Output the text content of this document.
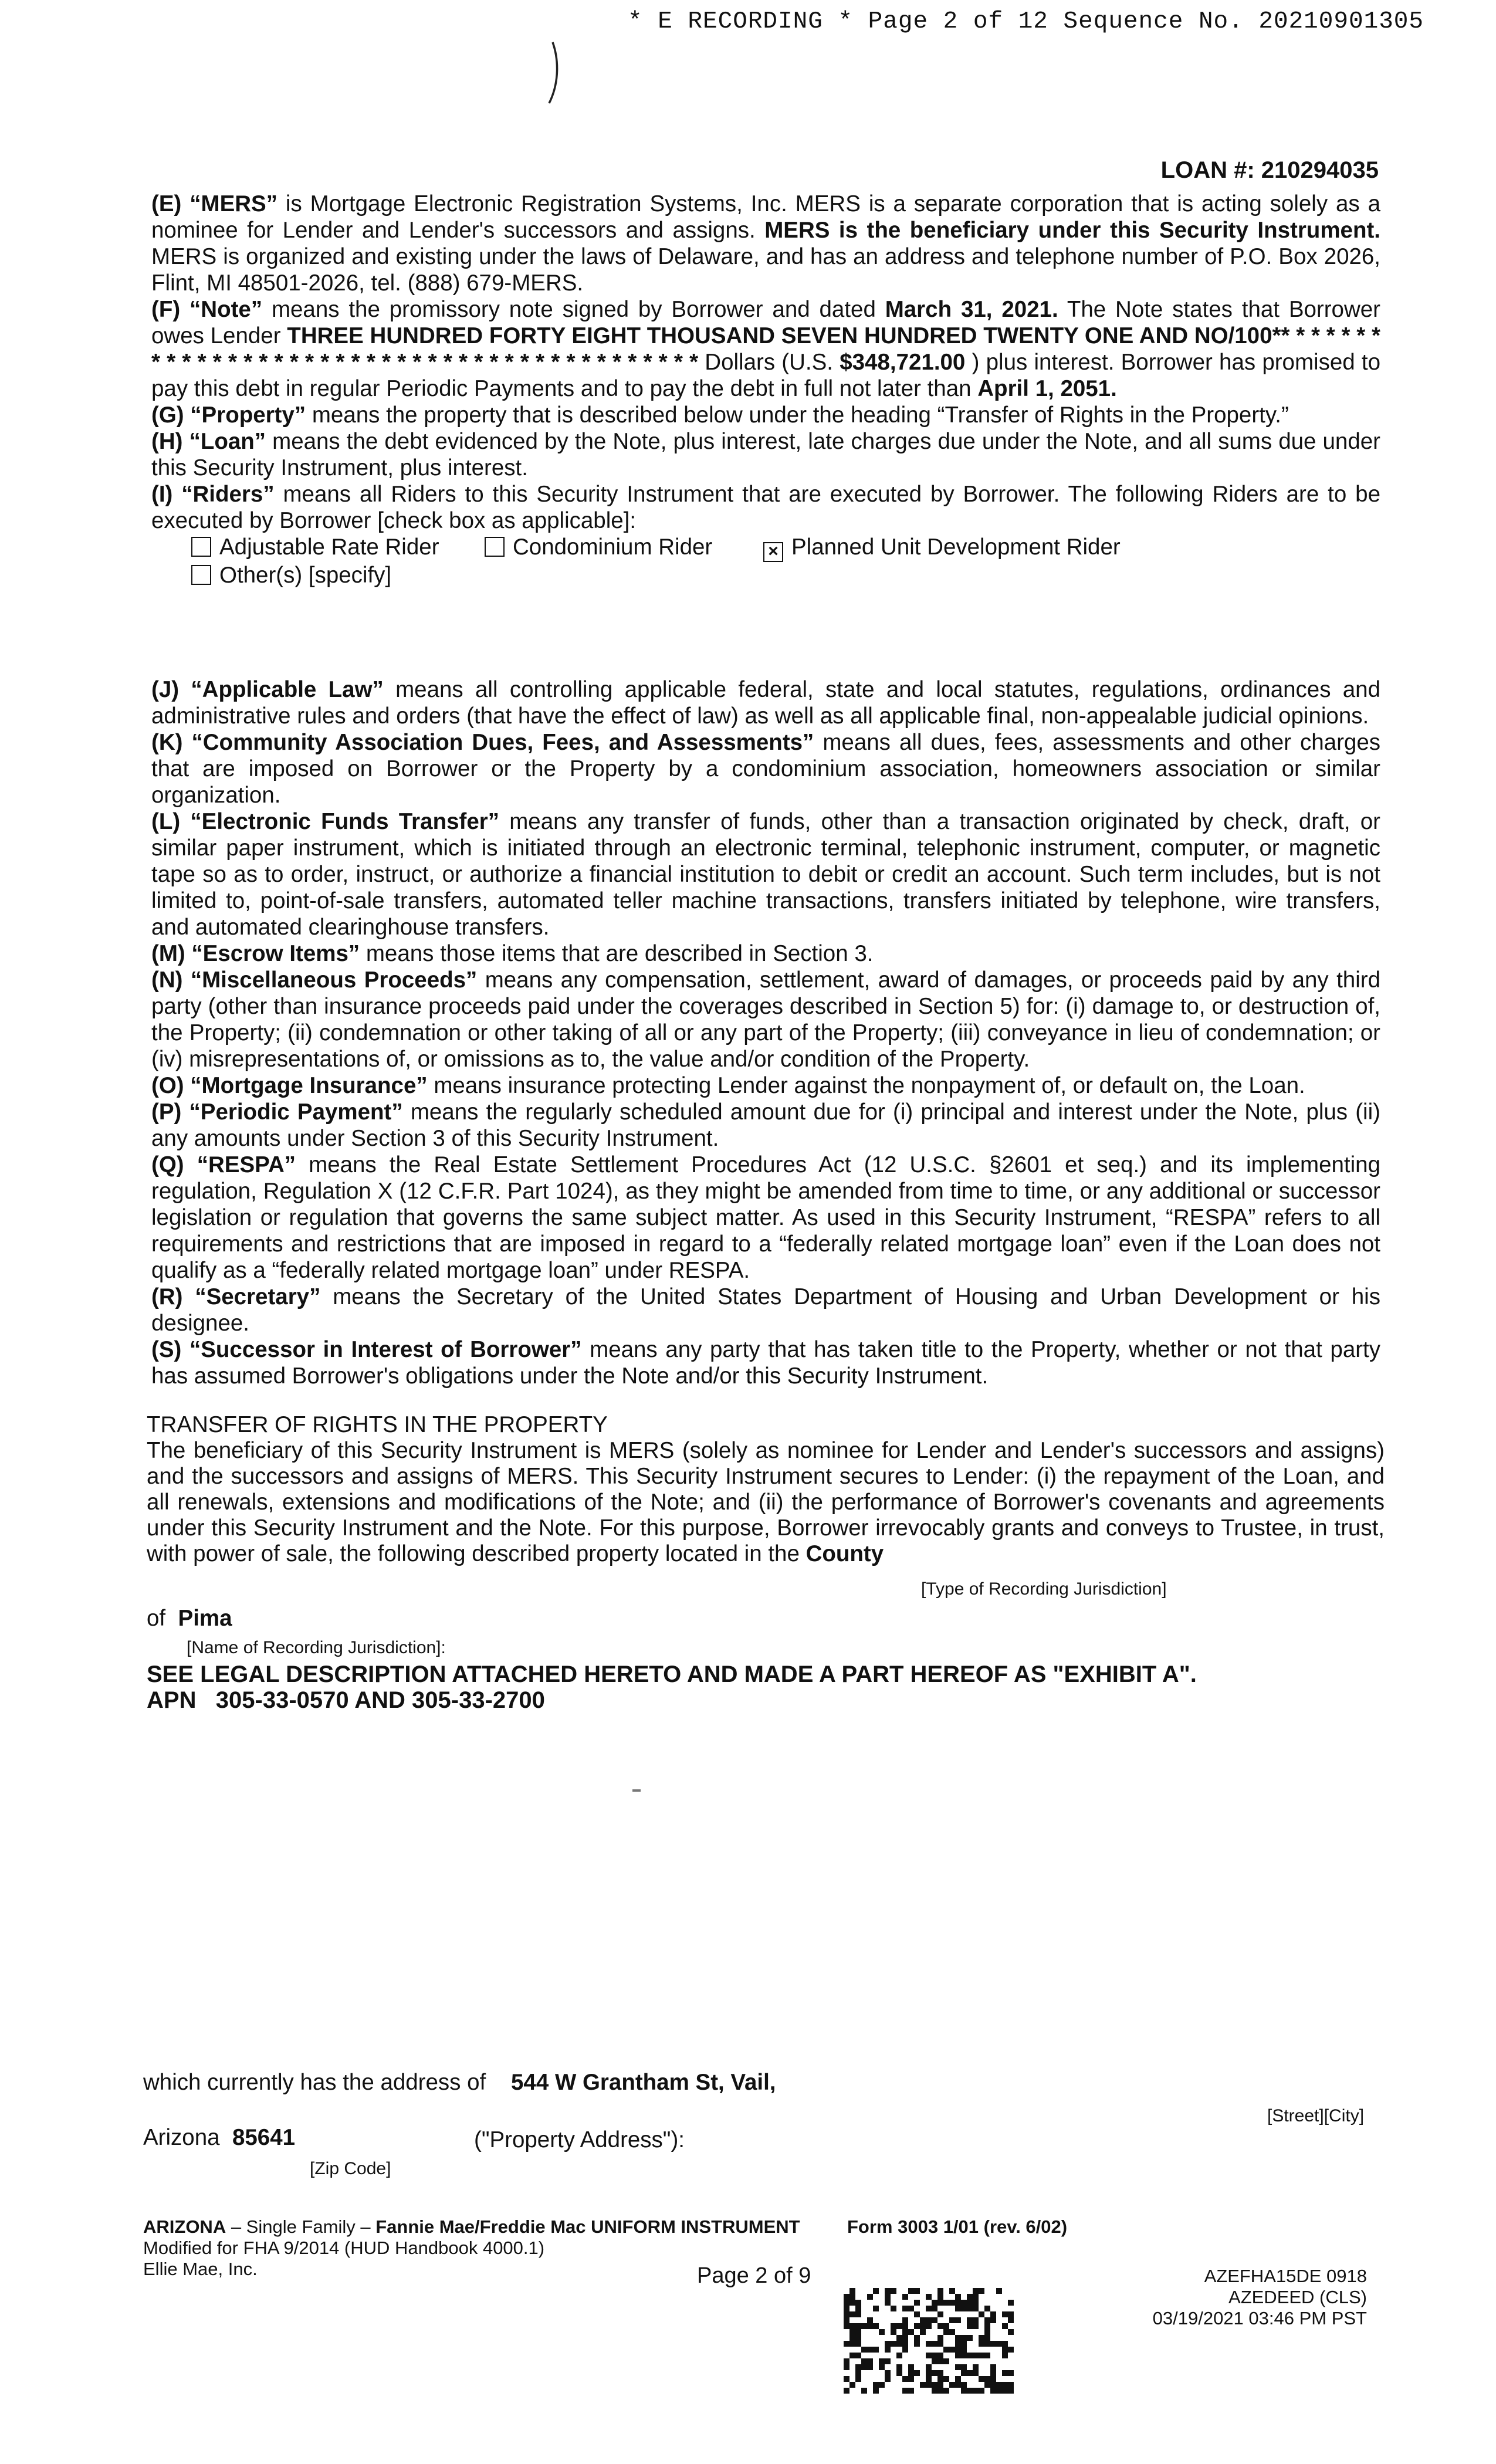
* E RECORDING * Page 2 of 12 Sequence No. 20210901305
LOAN #: 210294035

(E) “MERS” is Mortgage Electronic Registration Systems, Inc. MERS is a separate corporation that is acting solely as a nominee for Lender and Lender's successors and assigns. MERS is the beneficiary under this Security Instrument. MERS is organized and existing under the laws of Delaware, and has an address and telephone number of P.O. Box 2026, Flint, MI 48501-2026, tel. (888) 679-MERS.

(F) “Note” means the promissory note signed by Borrower and dated March 31, 2021. The Note states that Borrower owes Lender THREE HUNDRED FORTY EIGHT THOUSAND SEVEN HUNDRED TWENTY ONE AND NO/100** * * * * * * * * * * * * * * * * * * * * * * * * * * * * * * * * * * * * * * * * * * Dollars (U.S. $348,721.00 ) plus interest. Borrower has promised to pay this debt in regular Periodic Payments and to pay the debt in full not later than April 1, 2051.

(G) “Property” means the property that is described below under the heading “Transfer of Rights in the Property.”

(H) “Loan” means the debt evidenced by the Note, plus interest, late charges due under the Note, and all sums due under this Security Instrument, plus interest.

(I) “Riders” means all Riders to this Security Instrument that are executed by Borrower. The following Riders are to be executed by Borrower [check box as applicable]:

Adjustable Rate Rider	Condominium Rider	× Planned Unit Development Rider
Other(s) [specify]

(J) “Applicable Law” means all controlling applicable federal, state and local statutes, regulations, ordinances and administrative rules and orders (that have the effect of law) as well as all applicable final, non-appealable judicial opinions.

(K) “Community Association Dues, Fees, and Assessments” means all dues, fees, assessments and other charges that are imposed on Borrower or the Property by a condominium association, homeowners association or similar organization.

(L) “Electronic Funds Transfer” means any transfer of funds, other than a transaction originated by check, draft, or similar paper instrument, which is initiated through an electronic terminal, telephonic instrument, computer, or magnetic tape so as to order, instruct, or authorize a financial institution to debit or credit an account. Such term includes, but is not limited to, point-of-sale transfers, automated teller machine transactions, transfers initiated by telephone, wire transfers, and automated clearinghouse transfers.

(M) “Escrow Items” means those items that are described in Section 3.

(N) “Miscellaneous Proceeds” means any compensation, settlement, award of damages, or proceeds paid by any third party (other than insurance proceeds paid under the coverages described in Section 5) for: (i) damage to, or destruction of, the Property; (ii) condemnation or other taking of all or any part of the Property; (iii) conveyance in lieu of condemnation; or (iv) misrepresentations of, or omissions as to, the value and/or condition of the Property.

(O) “Mortgage Insurance” means insurance protecting Lender against the nonpayment of, or default on, the Loan.

(P) “Periodic Payment” means the regularly scheduled amount due for (i) principal and interest under the Note, plus (ii) any amounts under Section 3 of this Security Instrument.

(Q) “RESPA” means the Real Estate Settlement Procedures Act (12 U.S.C. §2601 et seq.) and its implementing regulation, Regulation X (12 C.F.R. Part 1024), as they might be amended from time to time, or any additional or successor legislation or regulation that governs the same subject matter. As used in this Security Instrument, “RESPA” refers to all requirements and restrictions that are imposed in regard to a “federally related mortgage loan” even if the Loan does not qualify as a “federally related mortgage loan” under RESPA.

(R) “Secretary” means the Secretary of the United States Department of Housing and Urban Development or his designee.

(S) “Successor in Interest of Borrower” means any party that has taken title to the Property, whether or not that party has assumed Borrower's obligations under the Note and/or this Security Instrument.

TRANSFER OF RIGHTS IN THE PROPERTY

The beneficiary of this Security Instrument is MERS (solely as nominee for Lender and Lender's successors and assigns) and the successors and assigns of MERS. This Security Instrument secures to Lender: (i) the repayment of the Loan, and all renewals, extensions and modifications of the Note; and (ii) the performance of Borrower's covenants and agreements under this Security Instrument and the Note. For this purpose, Borrower irrevocably grants and conveys to Trustee, in trust, with power of sale, the following described property located in the County

[Type of Recording Jurisdiction]
of Pima
[Name of Recording Jurisdiction]:
SEE LEGAL DESCRIPTION ATTACHED HERETO AND MADE A PART HEREOF AS "EXHIBIT A".
APN 305-33-0570 AND 305-33-2700
which currently has the address of 544 W Grantham St, Vail,
[Street][City]
Arizona 85641	("Property Address"):
[Zip Code]
ARIZONA – Single Family – Fannie Mae/Freddie Mac UNIFORM INSTRUMENT
Modified for FHA 9/2014 (HUD Handbook 4000.1)
Ellie Mae, Inc.
Form 3003 1/01 (rev. 6/02)
Page 2 of 9	AZEFHA15DE 0918
AZEDEED (CLS)
03/19/2021 03:46 PM PST
